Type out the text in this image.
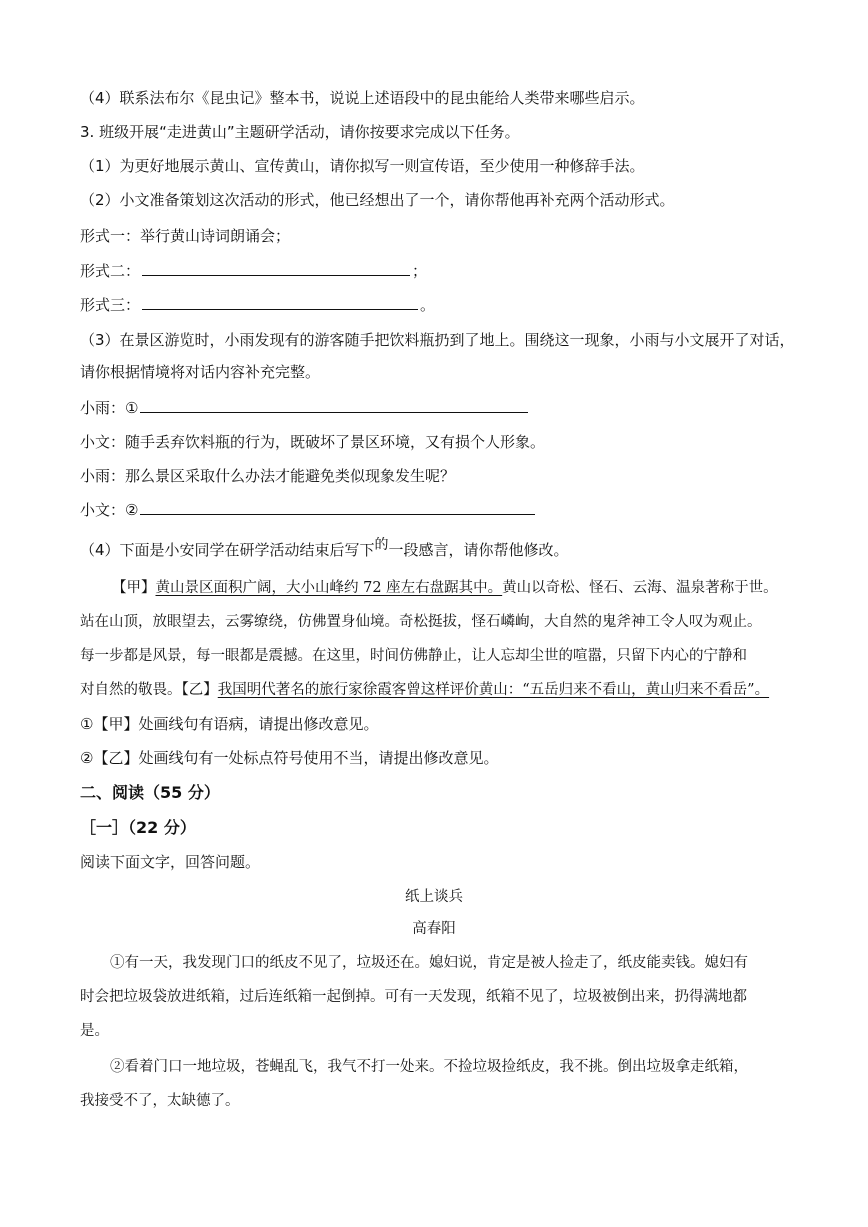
（4）联系法布尔《昆虫记》整本书，说说上述语段中的昆虫能给人类带来哪些启示。
3. 班级开展“走进黄山”主题研学活动，请你按要求完成以下任务。
（1）为更好地展示黄山、宣传黄山，请你拟写一则宣传语，至少使用一种修辞手法。
（2）小文准备策划这次活动的形式，他已经想出了一个，请你帮他再补充两个活动形式。
形式一：举行黄山诗词朗诵会；
形式二：	；
形式三：	。
（3）在景区游览时，小雨发现有的游客随手把饮料瓶扔到了地上。围绕这一现象，小雨与小文展开了对话，
请你根据情境将对话内容补充完整。
小雨：①
小文：随手丢弃饮料瓶的行为，既破坏了景区环境，又有损个人形象。
小雨：那么景区采取什么办法才能避免类似现象发生呢？
小文：②
（4）下面是小安同学在研学活动结束后写下的一段感言，请你帮他修改。
【甲】黄山景区面积广阔，大小山峰约 72 座左右盘踞其中。黄山以奇松、怪石、云海、温泉著称于世。
站在山顶，放眼望去，云雾缭绕，仿佛置身仙境。奇松挺拔，怪石嶙峋，大自然的鬼斧神工令人叹为观止。
每一步都是风景，每一眼都是震撼。在这里，时间仿佛静止，让人忘却尘世的喧嚣，只留下内心的宁静和
对自然的敬畏。【乙】我国明代著名的旅行家徐霞客曾这样评价黄山：“五岳归来不看山，黄山归来不看岳”。
①【甲】处画线句有语病，请提出修改意见。
②【乙】处画线句有一处标点符号使用不当，请提出修改意见。
二、阅读（55 分）
［一］（22 分）
阅读下面文字，回答问题。
纸上谈兵
高春阳
①有一天，我发现门口的纸皮不见了，垃圾还在。媳妇说，肯定是被人捡走了，纸皮能卖钱。媳妇有
时会把垃圾袋放进纸箱，过后连纸箱一起倒掉。可有一天发现，纸箱不见了，垃圾被倒出来，扔得满地都
是。
②看着门口一地垃圾，苍蝇乱飞，我气不打一处来。不捡垃圾捡纸皮，我不挑。倒出垃圾拿走纸箱，
我接受不了，太缺德了。
